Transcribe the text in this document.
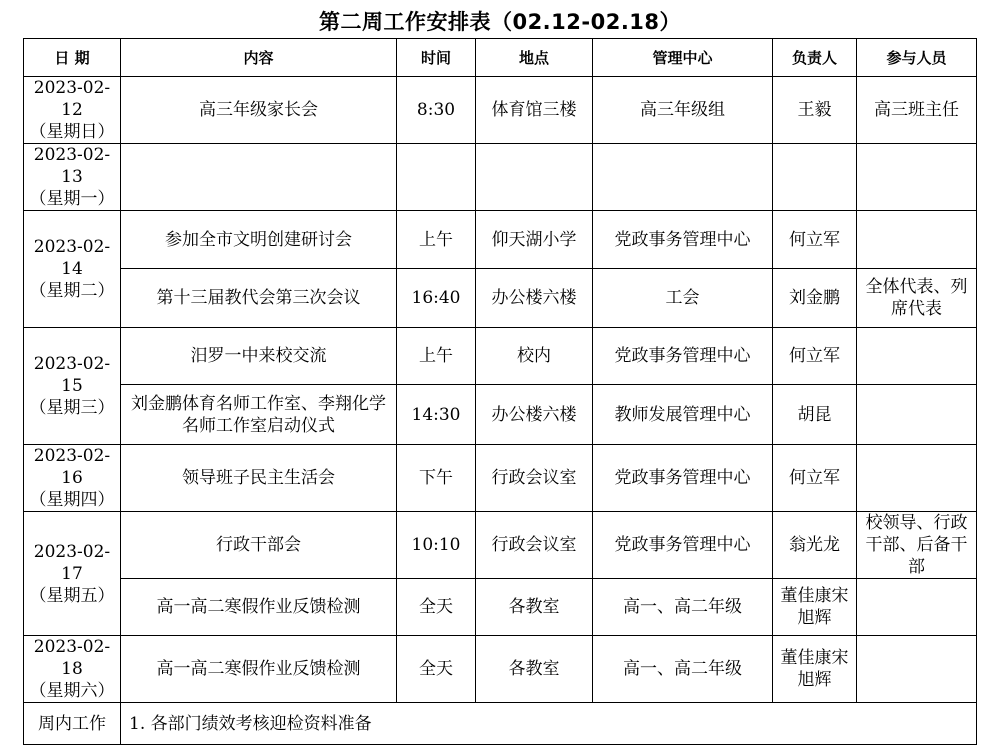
第二周工作安排表（02.12-02.18）
日 期	内容	时间	地点	管理中心	负责人	参与人员

2023-02-12
（星期日）	高三年级家长会	8:30	体育馆三楼	高三年级组	王毅	高三班主任

2023-02-13
（星期一）						

2023-02-14
（星期二）	参加全市文明创建研讨会	上午	仰天湖小学	党政事务管理中心	何立军	
	第十三届教代会第三次会议	16:40	办公楼六楼	工会	刘金鹏	全体代表、列席代表

2023-02-15
（星期三）	汨罗一中来校交流	上午	校内	党政事务管理中心	何立军	
	刘金鹏体育名师工作室、李翔化学名师工作室启动仪式	14:30	办公楼六楼	教师发展管理中心	胡昆	

2023-02-16
（星期四）	领导班子民主生活会	下午	行政会议室	党政事务管理中心	何立军	

2023-02-17
（星期五）	行政干部会	10:10	行政会议室	党政事务管理中心	翁光龙	校领导、行政干部、后备干部
	高一高二寒假作业反馈检测	全天	各教室	高一、高二年级	董佳康宋旭辉	

2023-02-18
（星期六）	高一高二寒假作业反馈检测	全天	各教室	高一、高二年级	董佳康宋旭辉	
周内工作	1. 各部门绩效考核迎检资料准备					
